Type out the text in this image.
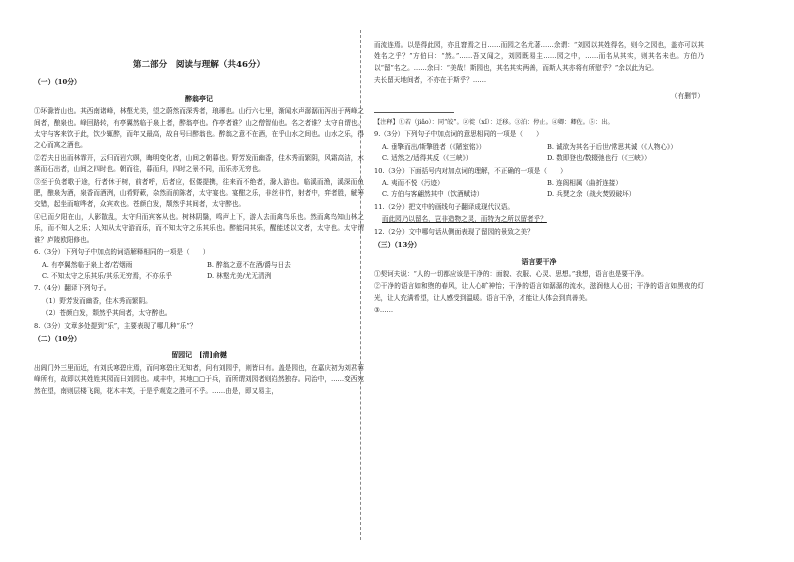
第二部分　阅读与理解（共46分）
（一）（10分）
醉翁亭记
①环滁皆山也。其西南诸峰，林壑尤美，望之蔚然而深秀者，琅琊也。山行六七里，渐闻水声潺潺而泻出于两峰之间者，酿泉也。峰回路转，有亭翼然临于泉上者，醉翁亭也。作亭者谁？山之僧智仙也。名之者谁？太守自谓也。太守与客来饮于此，饮少辄醉，而年又最高，故自号曰醉翁也。醉翁之意不在酒，在乎山水之间也。山水之乐，得之心而寓之酒也。
②若夫日出而林霏开，云归而岩穴暝，晦明变化者，山间之朝暮也。野芳发而幽香，佳木秀而繁阴，风霜高洁，水落而石出者，山间之四时也。朝而往，暮而归，四时之景不同，而乐亦无穷也。
③至于负者歌于途，行者休于树，前者呼，后者应，伛偻提携，往来而不绝者，滁人游也。临溪而渔，溪深而鱼肥，酿泉为酒，泉香而酒洌，山肴野蔌，杂然而前陈者，太守宴也。宴酣之乐，非丝非竹，射者中，弈者胜，觥筹交错，起坐而喧哗者，众宾欢也。苍颜白发，颓然乎其间者，太守醉也。
④已而夕阳在山，人影散乱，太守归而宾客从也。树林阴翳，鸣声上下，游人去而禽鸟乐也。然而禽鸟知山林之乐，而不知人之乐；人知从太守游而乐，而不知太守之乐其乐也。醉能同其乐，醒能述以文者，太守也。太守谓谁？庐陵欧阳修也。
6.（3分）下列句子中加点的词语解释相同的一项是（　　）
A. 有亭翼然临于泉上者/若烟雨	B. 醉翁之意不在酒/爵与日去
C. 不知太守之乐其乐/其乐无穷焉，不亦乐乎	D. 林壑尤美/尤无清洌
7.（4分）翻译下列句子。
（1）野芳发而幽香，佳木秀而繁阴。
（2）苍颜白发，颓然乎其间者，太守醉也。
8.（3分）文章多处提到“乐”，主要表现了哪几种“乐”？
（二）（10分）
留园记　[清]俞樾
出阊门外三里而近，有刘氏寒碧庄焉，而问寒碧庄无知者，问有刘园乎，则皆曰有。盖是园也，在嘉庆初为刘君蓉峰所有，故即以其姓姓其园而曰刘园也。咸丰中，其地□□于兵，而所谓刘园者则岿然独存。同治中，……变西宛然在望，南则层楼飞阁，花木丰芙，于是乎观览之胜可不乎。……由是，即又易主，
而流连焉。以是得此园，亦且窘焉之日……而园之名尤著……余谓：“刘园以其姓得名，则今之园也，盖亦可以其姓名之乎？”方伯曰：“然。”……吾又闻之，刘园既易主……园之中，……而名从其实，则其名未也。方伯乃以“留”名之。……余曰：“美哉！斯园也，其名其实两善，而斯人其亦将有所慰乎？”余以此为记。
夫长留天地间者，不亦在于斯乎？……
（有删节）
【注释】①若（jiǎo）：同“皎”。②徙（xǐ）：迁移。③泊：停止。④卿：卿佐。⑤：出。
9.（3分）下列句子中加点词的意思相同的一项是（　　）
A. 垂擎而出/斯擎胜者（《陋室铭》）	B. 诚欲为其名于后世/常思其诚（《人物心》）
C. 适然之/适得其反（《三峡》）	D. 数即登也/数辍弛也行（《三峡》）
10.（3分）下面括号内对加点词的理解，不正确的一项是（　　）
A. 夷而不悦（污迹）	B. 连阁相属（曲折连接）
C. 方伯与客翩然其中（饮酒赋诗）	D. 兵燹之余（战火焚毁破坏）
11.（2分）把文中的画线句子翻译成现代汉语。
而此园乃以留名，岂非造物之灵，而特为之所以留者乎？
12.（2分）文中哪句话从侧面表现了留园的景致之美？
（三）（13分）
语言要干净
①契诃夫说：“人的一切都应该是干净的：面貌、衣服、心灵、思想。”我想，语言也是要干净。
②干净的语言如和煦的春风，让人心旷神怡；干净的语言如潺潺的流水，滋润他人心田；干净的语言如黑夜的灯光，让人充满希望，让人感受到温暖。语言干净，才能让人体会到真善美。
③……
